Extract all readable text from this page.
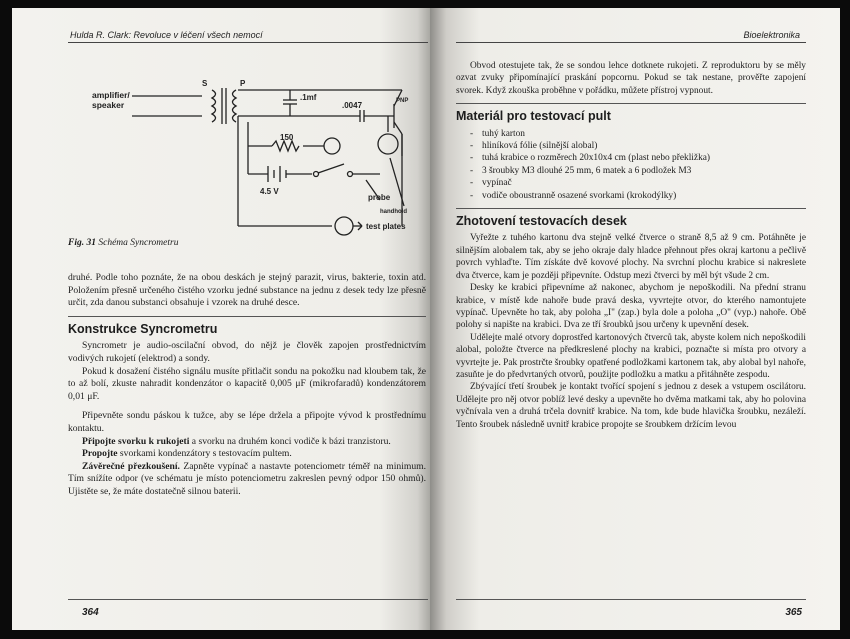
Hulda R. Clark: Revoluce v léčení všech nemocí
amplifier/
speaker
S	P
.1mf
.0047	PNP
150
4.5 V
probe
handhold
test plates
Fig. 31 Schéma Syncrometru

druhé. Podle toho poznáte, že na obou deskách je stejný parazit, virus, bakterie, toxin atd. Položením přesně určeného čistého vzorku jedné substance na jednu z desek tedy lze přesně určit, zda danou substanci obsahuje i vzorek na druhé desce.

Konstrukce Syncrometru

Syncrometr je audio-oscilační obvod, do nějž je člověk zapojen prostřednictvím vodivých rukojetí (elektrod) a sondy.

Pokud k dosažení čistého signálu musíte přitlačit sondu na pokožku nad kloubem tak, že to až bolí, zkuste nahradit kondenzátor o kapacitě 0,005 μF (mikrofaradů) kondenzátorem 0,01 μF.

Připevněte sondu páskou k tužce, aby se lépe držela a připojte vývod k prostřednímu kontaktu.

Připojte svorku k rukojeti a svorku na druhém konci vodiče k bázi tranzistoru.

Propojte svorkami kondenzátory s testovacím pultem.

Závěrečné přezkoušení. Zapněte vypínač a nastavte potenciometr téměř na minimum. Tím snížíte odpor (ve schématu je místo potenciometru zakreslen pevný odpor 150 ohmů). Ujistěte se, že máte dostatečně silnou baterii.

364
Bioelektronika

Obvod otestujete tak, že se sondou lehce dotknete rukojeti. Z reproduktoru by se měly ozvat zvuky připomínající praskání popcornu. Pokud se tak nestane, prověřte zapojení svorek. Když zkouška proběhne v pořádku, můžete přístroj vypnout.

Materiál pro testovací pult
- tuhý karton
- hliníková fólie (silnější alobal)
- tuhá krabice o rozměrech 20x10x4 cm (plast nebo překližka)
- 3 šroubky M3 dlouhé 25 mm, 6 matek a 6 podložek M3
- vypínač
- vodiče oboustranně osazené svorkami (krokodýlky)
Zhotovení testovacích desek

Vyřežte z tuhého kartonu dva stejně velké čtverce o straně 8,5 až 9 cm. Potáhněte je silnějším alobalem tak, aby se jeho okraje daly hladce přehnout přes okraj kartonu a pečlivě povrch vyhlaďte. Tím získáte dvě kovové plochy. Na svrchní plochu krabice si nakreslete dva čtverce, kam je později připevníte. Odstup mezi čtverci by měl být všude 2 cm.

Desky ke krabici připevníme až nakonec, abychom je nepoškodili. Na přední stranu krabice, v místě kde nahoře bude pravá deska, vyvrtejte otvor, do kterého namontujete vypínač. Upevněte ho tak, aby poloha „I" (zap.) byla dole a poloha „O" (vyp.) nahoře. Obě polohy si napište na krabici. Dva ze tří šroubků jsou určeny k upevnění desek.

Udělejte malé otvory doprostřed kartonových čtverců tak, abyste kolem nich nepoškodili alobal, položte čtverce na předkreslené plochy na krabici, poznačte si místa pro otvory a vyvrtejte je. Pak prostrčte šroubky opatřené podložkami kartonem tak, aby alobal byl nahoře, zasuňte je do předvrtaných otvorů, použijte podložku a matku a přitáhněte zespodu.

Zbývající třetí šroubek je kontakt tvořící spojení s jednou z desek a vstupem oscilátoru. Udělejte pro něj otvor poblíž levé desky a upevněte ho dvěma matkami tak, aby ho polovina vyčnívala ven a druhá trčela dovnitř krabice. Na tom, kde bude hlavička šroubku, nezáleží. Tento šroubek následně uvnitř krabice propojte se šroubkem držícím levou

365
